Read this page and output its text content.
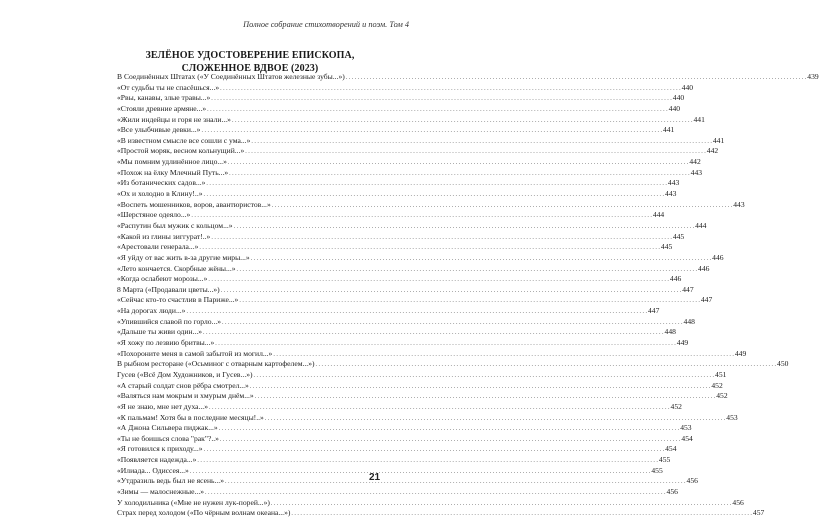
Полное собрание стихотворений и поэм. Том 4
ЗЕЛЁНОЕ УДОСТОВЕРЕНИЕ ЕПИСКОПА,
СЛОЖЕННОЕ ВДВОЕ (2023)
В Соединённых Штатах («У Соединённых Штатов железные зубы...») . . .	439
«От судьбы ты не спасёшься...» . . .	440
«Рвы, канавы, злые травы...» . . .	440
«Стояли древние армяне...» . . .	440
«Жили индейцы и горя не знали...» . . .	441
«Все улыбчивые девки...» . . .	441
«В известном смысле все сошли с ума...» . . .	441
«Простой моряк, весном кольнущий...» . . .	442
«Мы помним удлинённое лицо...» . . .	442
«Похож на ёлку Млечный Путь...» . . .	443
«Из ботанических садов...» . . .	443
«Ох и холодно в Клину!..» . . .	443
«Воспеть мошенников, воров, авантюристов...» . . .	443
«Шерстяное одеяло...» . . .	444
«Распутин был мужик с кольцом...» . . .	444
«Какой из глины зиггурат!..» . . .	445
«Арестовали генерала...» . . .	445
«Я уйду от вас жить в-за другие миры...» . . .	446
«Лето кончается. Скорбные жёны...» . . .	446
«Когда ослабеют морозы...» . . .	446
8 Марта («Продавали цветы...») . . .	447
«Сейчас кто-то счастлив в Париже...» . . .	447
«На дорогах люди...» . . .	447
«Упившийся славой по горло...» . . .	448
«Дальше ты живи один...» . . .	448
«Я хожу по лезвию бритвы...» . . .	449
«Похороните меня в самой забытой из могил...» . . .	449
В рыбном ресторане («Осьминог с отварным картофелем...») . . .	450
Гусев («Всё Дом Художников, и Гусев...») . . .	451
«А старый солдат снов рёбра смотрел...» . . .	452
«Валяться нам мокрым и хмурым днём...» . . .	452
«Я не знаю, мне нет духа...» . . .	452
«К пальмам! Хотя бы в последние месяцы!..» . . .	453
«А Джона Сильвера пиджак...» . . .	453
«Ты не боишься слова "рак"?..» . . .	454
«Я готовился к приходу...» . . .	454
«Появляется надежда...» . . .	455
«Илиада... Одиссея...» . . .	455
«Утдразиль ведь был не ясень...» . . .	456
«Зимы — малоснежные...» . . .	456
У холодильника («Мне не нужен лук-порей...») . . .	456
Страх перед холодом («По чёрным волнам океана...») . . .	457
21
